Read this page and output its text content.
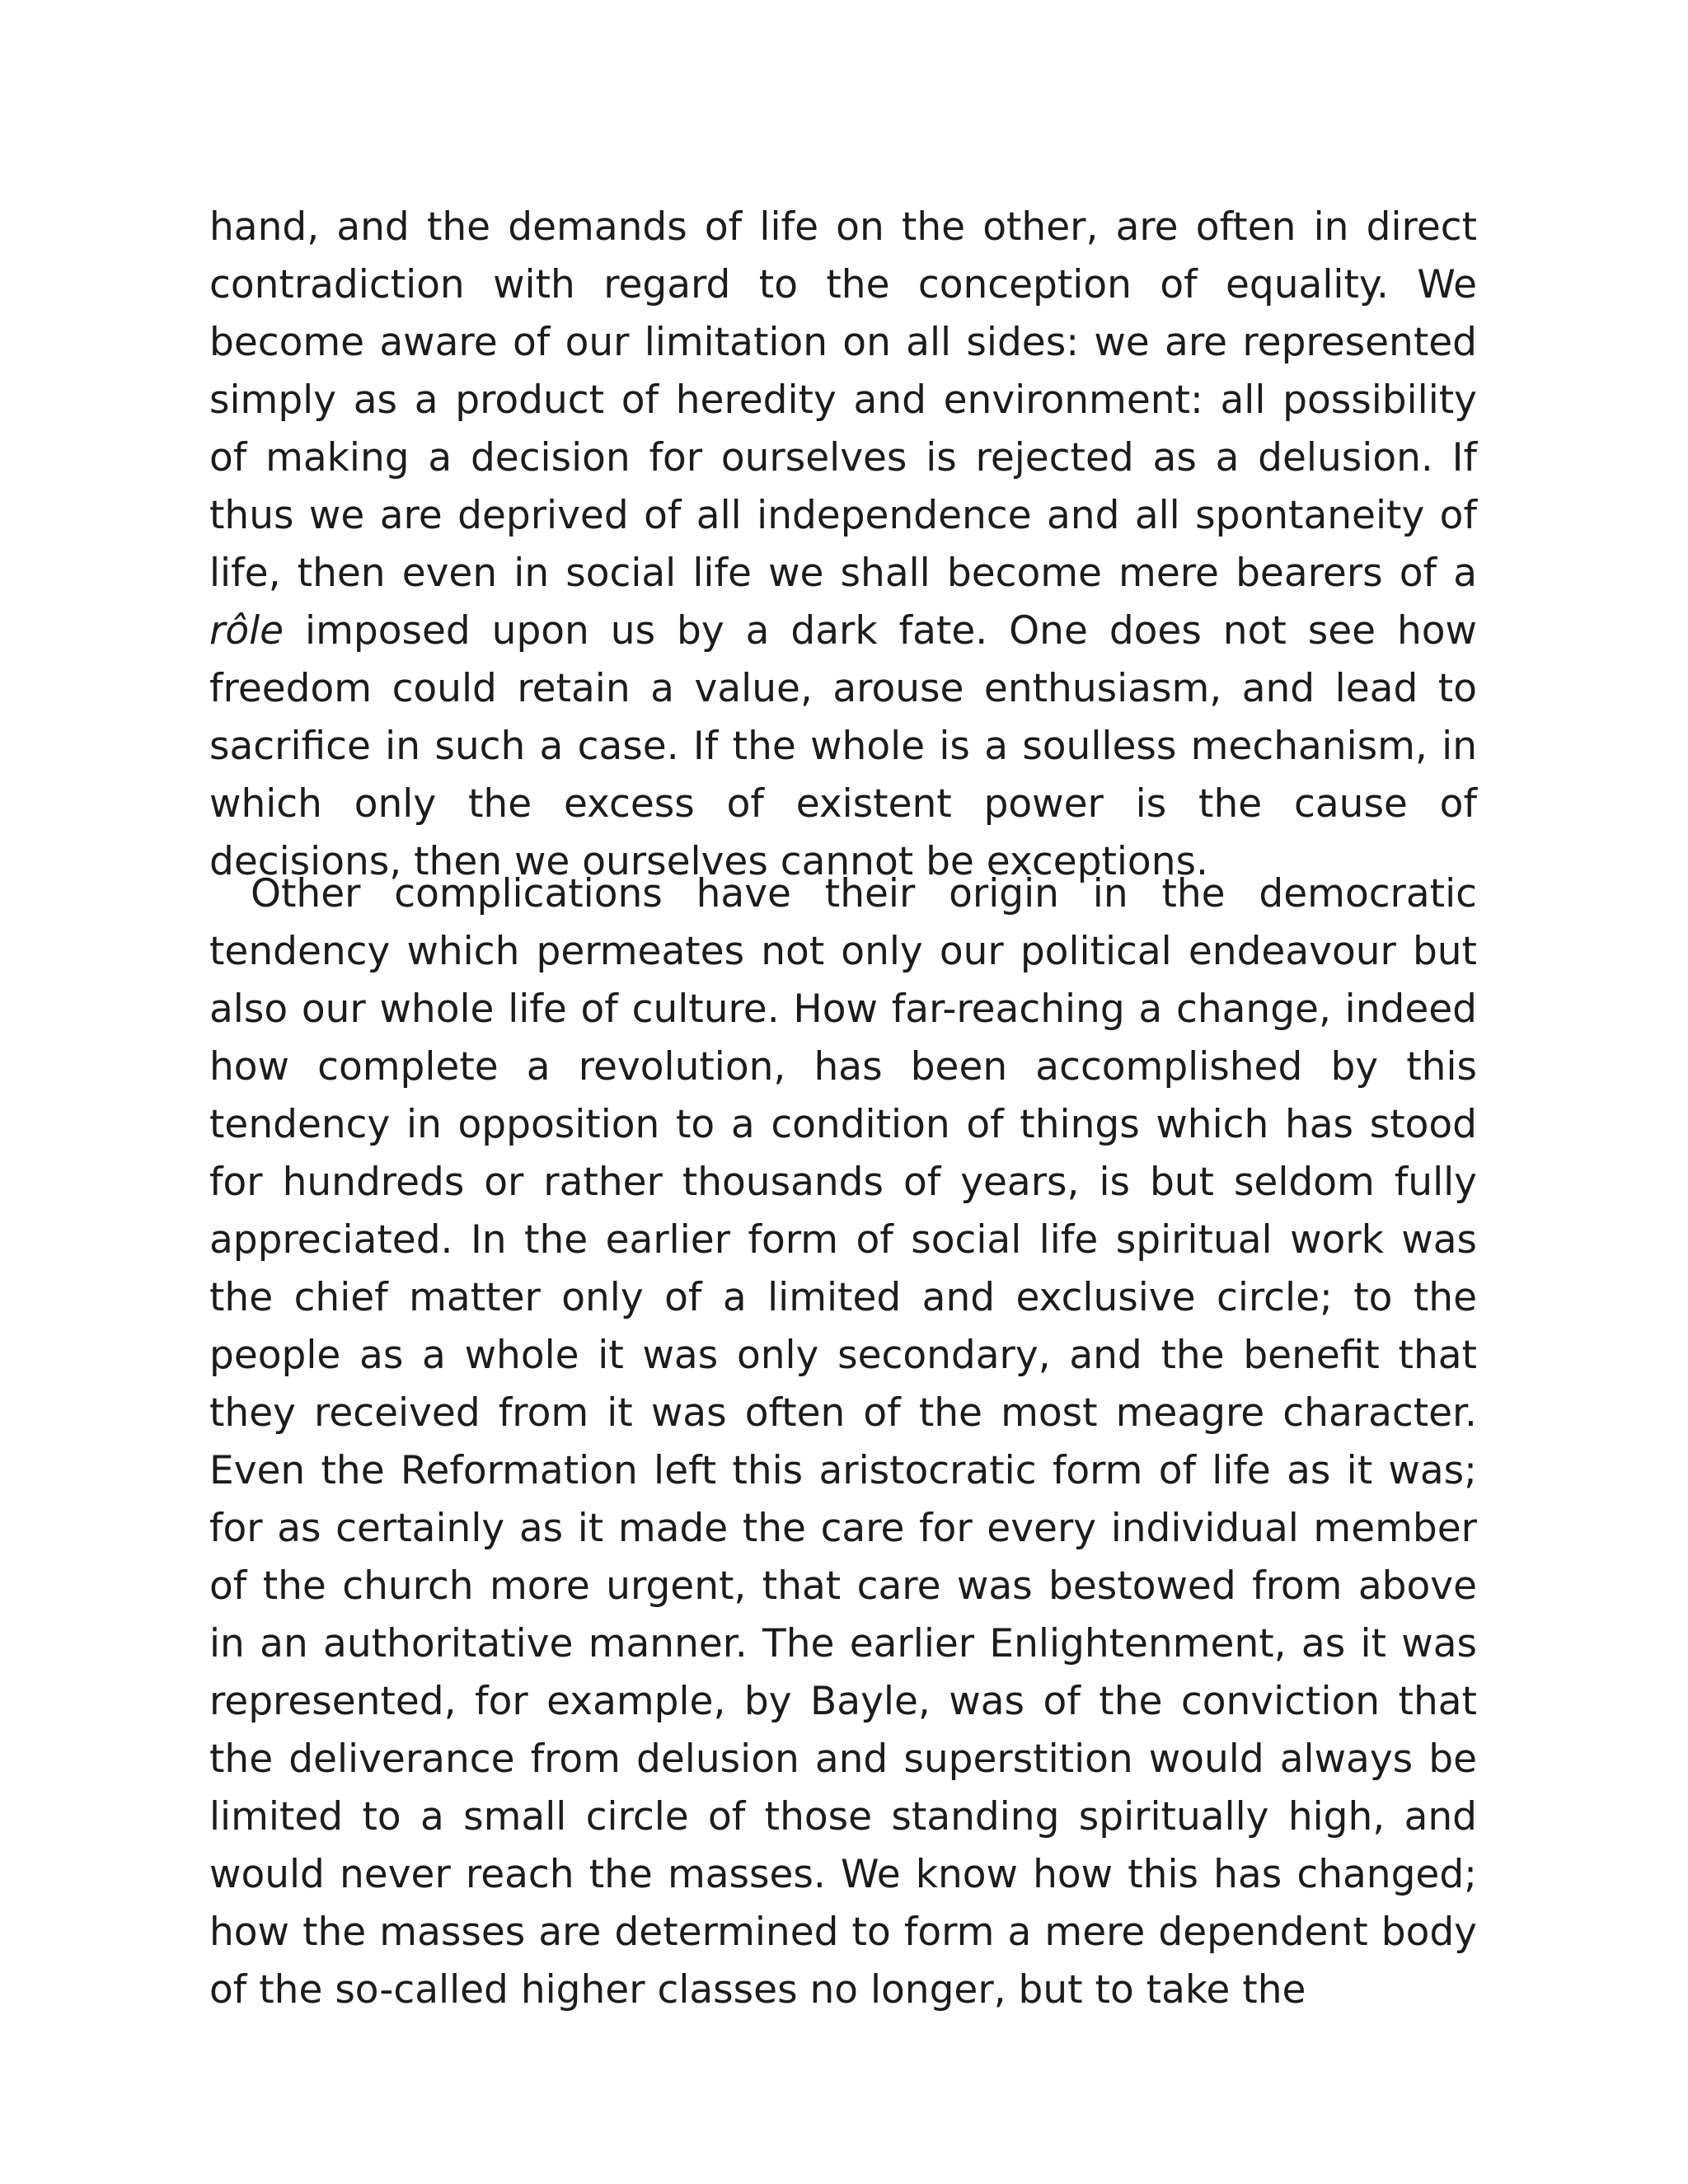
hand, and the demands of life on the other, are often in direct contradiction with regard to the conception of equality. We become aware of our limitation on all sides: we are represented simply as a product of heredity and environment: all possibility of making a decision for ourselves is rejected as a delusion. If thus we are deprived of all independence and all spontaneity of life, then even in social life we shall become mere bearers of a rôle imposed upon us by a dark fate. One does not see how freedom could retain a value, arouse enthusiasm, and lead to sacrifice in such a case. If the whole is a soulless mechanism, in which only the excess of existent power is the cause of decisions, then we ourselves cannot be exceptions.

Other complications have their origin in the democratic tendency which permeates not only our political endeavour but also our whole life of culture. How far-reaching a change, indeed how complete a revolution, has been accomplished by this tendency in opposition to a condition of things which has stood for hundreds or rather thousands of years, is but seldom fully appreciated. In the earlier form of social life spiritual work was the chief matter only of a limited and exclusive circle; to the people as a whole it was only secondary, and the benefit that they received from it was often of the most meagre character. Even the Reformation left this aristocratic form of life as it was; for as certainly as it made the care for every individual member of the church more urgent, that care was bestowed from above in an authoritative manner. The earlier Enlightenment, as it was represented, for example, by Bayle, was of the conviction that the deliverance from delusion and superstition would always be limited to a small circle of those standing spiritually high, and would never reach the masses. We know how this has changed; how the masses are determined to form a mere dependent body of the so-called higher classes no longer, but to take the
